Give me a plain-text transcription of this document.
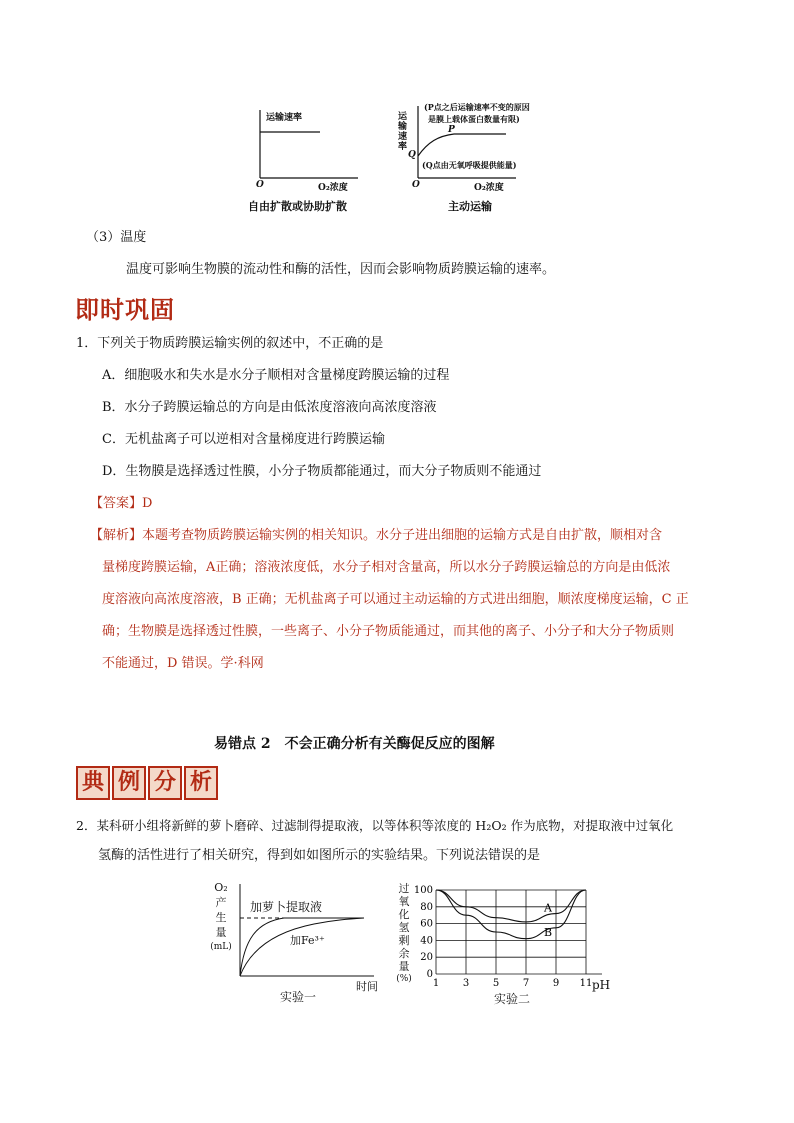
运输速率
O	O₂浓度
自由扩散或协助扩散
运输速率
(P点之后运输速率不变的原因
是膜上载体蛋白数量有限)
P
Q
(Q点由无氧呼吸提供能量)
O	O₂浓度
主动运输
（3）温度
温度可影响生物膜的流动性和酶的活性，因而会影响物质跨膜运输的速率。
即时巩固
1．下列关于物质跨膜运输实例的叙述中，不正确的是
A．细胞吸水和失水是水分子顺相对含量梯度跨膜运输的过程
B．水分子跨膜运输总的方向是由低浓度溶液向高浓度溶液
C．无机盐离子可以逆相对含量梯度进行跨膜运输
D．生物膜是选择透过性膜，小分子物质都能通过，而大分子物质则不能通过
【答案】D
【解析】本题考查物质跨膜运输实例的相关知识。水分子进出细胞的运输方式是自由扩散，顺相对含
量梯度跨膜运输，A正确；溶液浓度低，水分子相对含量高，所以水分子跨膜运输总的方向是由低浓
度溶液向高浓度溶液，B 正确；无机盐离子可以通过主动运输的方式进出细胞，顺浓度梯度运输，C 正
确；生物膜是选择透过性膜，一些离子、小分子物质能通过，而其他的离子、小分子和大分子物质则
不能通过，D 错误。学·科网
易错点 2　不会正确分析有关酶促反应的图解
典 例 分 析
2．某科研小组将新鲜的萝卜磨碎、过滤制得提取液，以等体积等浓度的 H₂O₂ 作为底物，对提取液中过氧化
氢酶的活性进行了相关研究，得到如如图所示的实验结果。下列说法错误的是
O₂
产
生
量
(mL)
加萝卜提取液
加Fe³⁺
时间
实验一
过
氧
化
氢
剩
余
量
(%)
100
80
60
40
20
0
1 3 5 7 9 11
A
B
pH
实验二
